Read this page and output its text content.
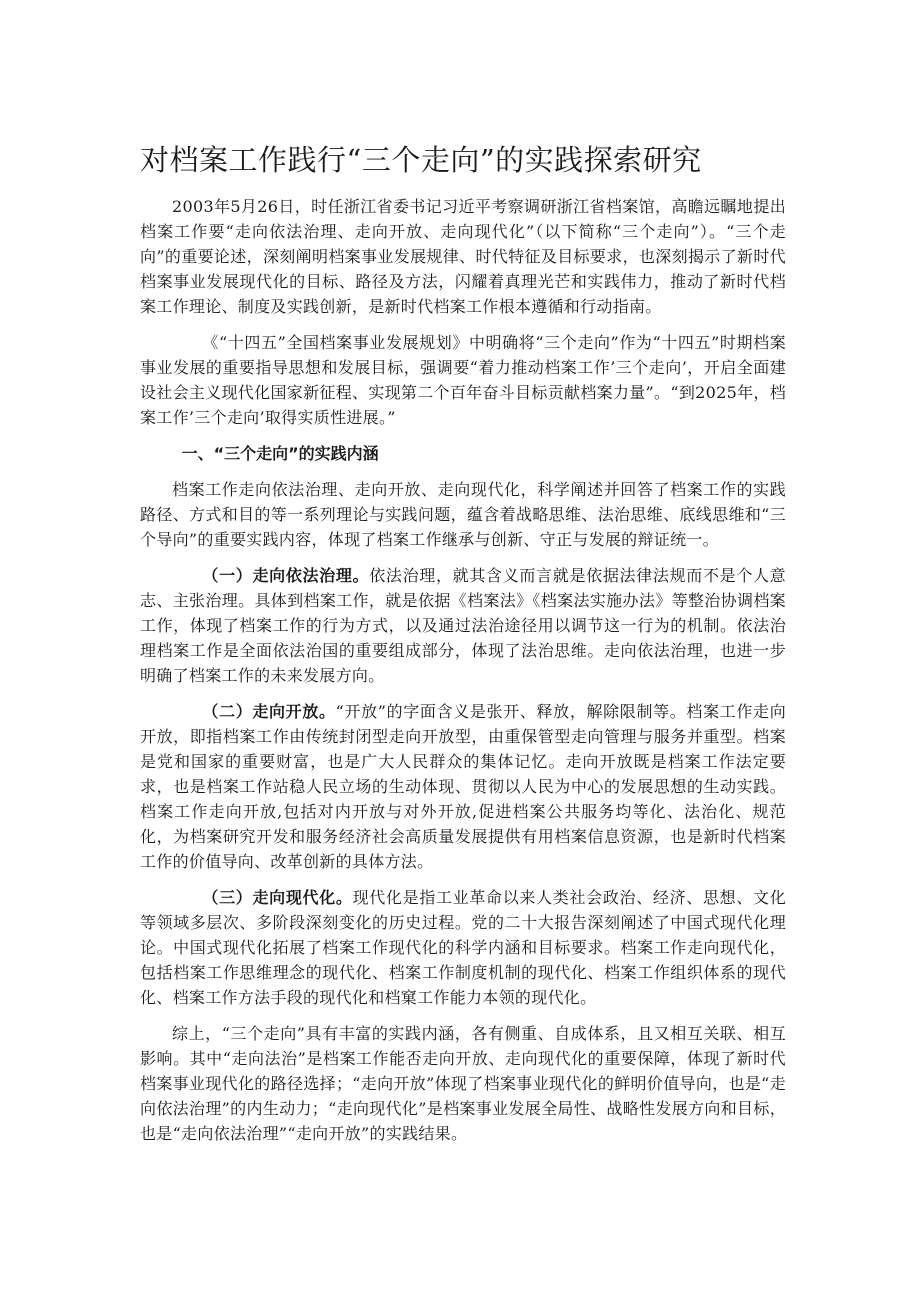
对档案工作践行“三个走向”的实践探索研究

2003年5月26日，时任浙江省委书记习近平考察调研浙江省档案馆，高瞻远瞩地提出档案工作要“走向依法治理、走向开放、走向现代化”（以下简称“三个走向”）。“三个走向”的重要论述，深刻阐明档案事业发展规律、时代特征及目标要求，也深刻揭示了新时代档案事业发展现代化的目标、路径及方法，闪耀着真理光芒和实践伟力，推动了新时代档案工作理论、制度及实践创新，是新时代档案工作根本遵循和行动指南。

《“十四五”全国档案事业发展规划》中明确将“三个走向”作为“十四五”时期档案事业发展的重要指导思想和发展目标，强调要“着力推动档案工作’三个走向’，开启全面建设社会主义现代化国家新征程、实现第二个百年奋斗目标贡献档案力量”。“到2025年，档案工作’三个走向’取得实质性进展。”

一、“三个走向”的实践内涵

档案工作走向依法治理、走向开放、走向现代化，科学阐述并回答了档案工作的实践路径、方式和目的等一系列理论与实践问题，蕴含着战略思维、法治思维、底线思维和“三个导向”的重要实践内容，体现了档案工作继承与创新、守正与发展的辩证统一。

（一）走向依法治理。依法治理，就其含义而言就是依据法律法规而不是个人意志、主张治理。具体到档案工作，就是依据《档案法》《档案法实施办法》等整治协调档案工作，体现了档案工作的行为方式，以及通过法治途径用以调节这一行为的机制。依法治理档案工作是全面依法治国的重要组成部分，体现了法治思维。走向依法治理，也进一步明确了档案工作的未来发展方向。

（二）走向开放。“开放”的字面含义是张开、释放，解除限制等。档案工作走向开放，即指档案工作由传统封闭型走向开放型，由重保管型走向管理与服务并重型。档案是党和国家的重要财富，也是广大人民群众的集体记忆。走向开放既是档案工作法定要求，也是档案工作站稳人民立场的生动体现、贯彻以人民为中心的发展思想的生动实践。档案工作走向开放,包括对内开放与对外开放,促进档案公共服务均等化、法治化、规范化，为档案研究开发和服务经济社会高质量发展提供有用档案信息资源，也是新时代档案工作的价值导向、改革创新的具体方法。

（三）走向现代化。现代化是指工业革命以来人类社会政治、经济、思想、文化等领域多层次、多阶段深刻变化的历史过程。党的二十大报告深刻阐述了中国式现代化理论。中国式现代化拓展了档案工作现代化的科学内涵和目标要求。档案工作走向现代化，包括档案工作思维理念的现代化、档案工作制度机制的现代化、档案工作组织体系的现代化、档案工作方法手段的现代化和档窠工作能力本领的现代化。

综上，“三个走向”具有丰富的实践内涵，各有侧重、自成体系，且又相互关联、相互影响。其中“走向法治”是档案工作能否走向开放、走向现代化的重要保障，体现了新时代档案事业现代化的路径选择；“走向开放”体现了档案事业现代化的鲜明价值导向，也是“走向依法治理”的内生动力；“走向现代化”是档案事业发展全局性、战略性发展方向和目标，也是“走向依法治理”“走向开放”的实践结果。
